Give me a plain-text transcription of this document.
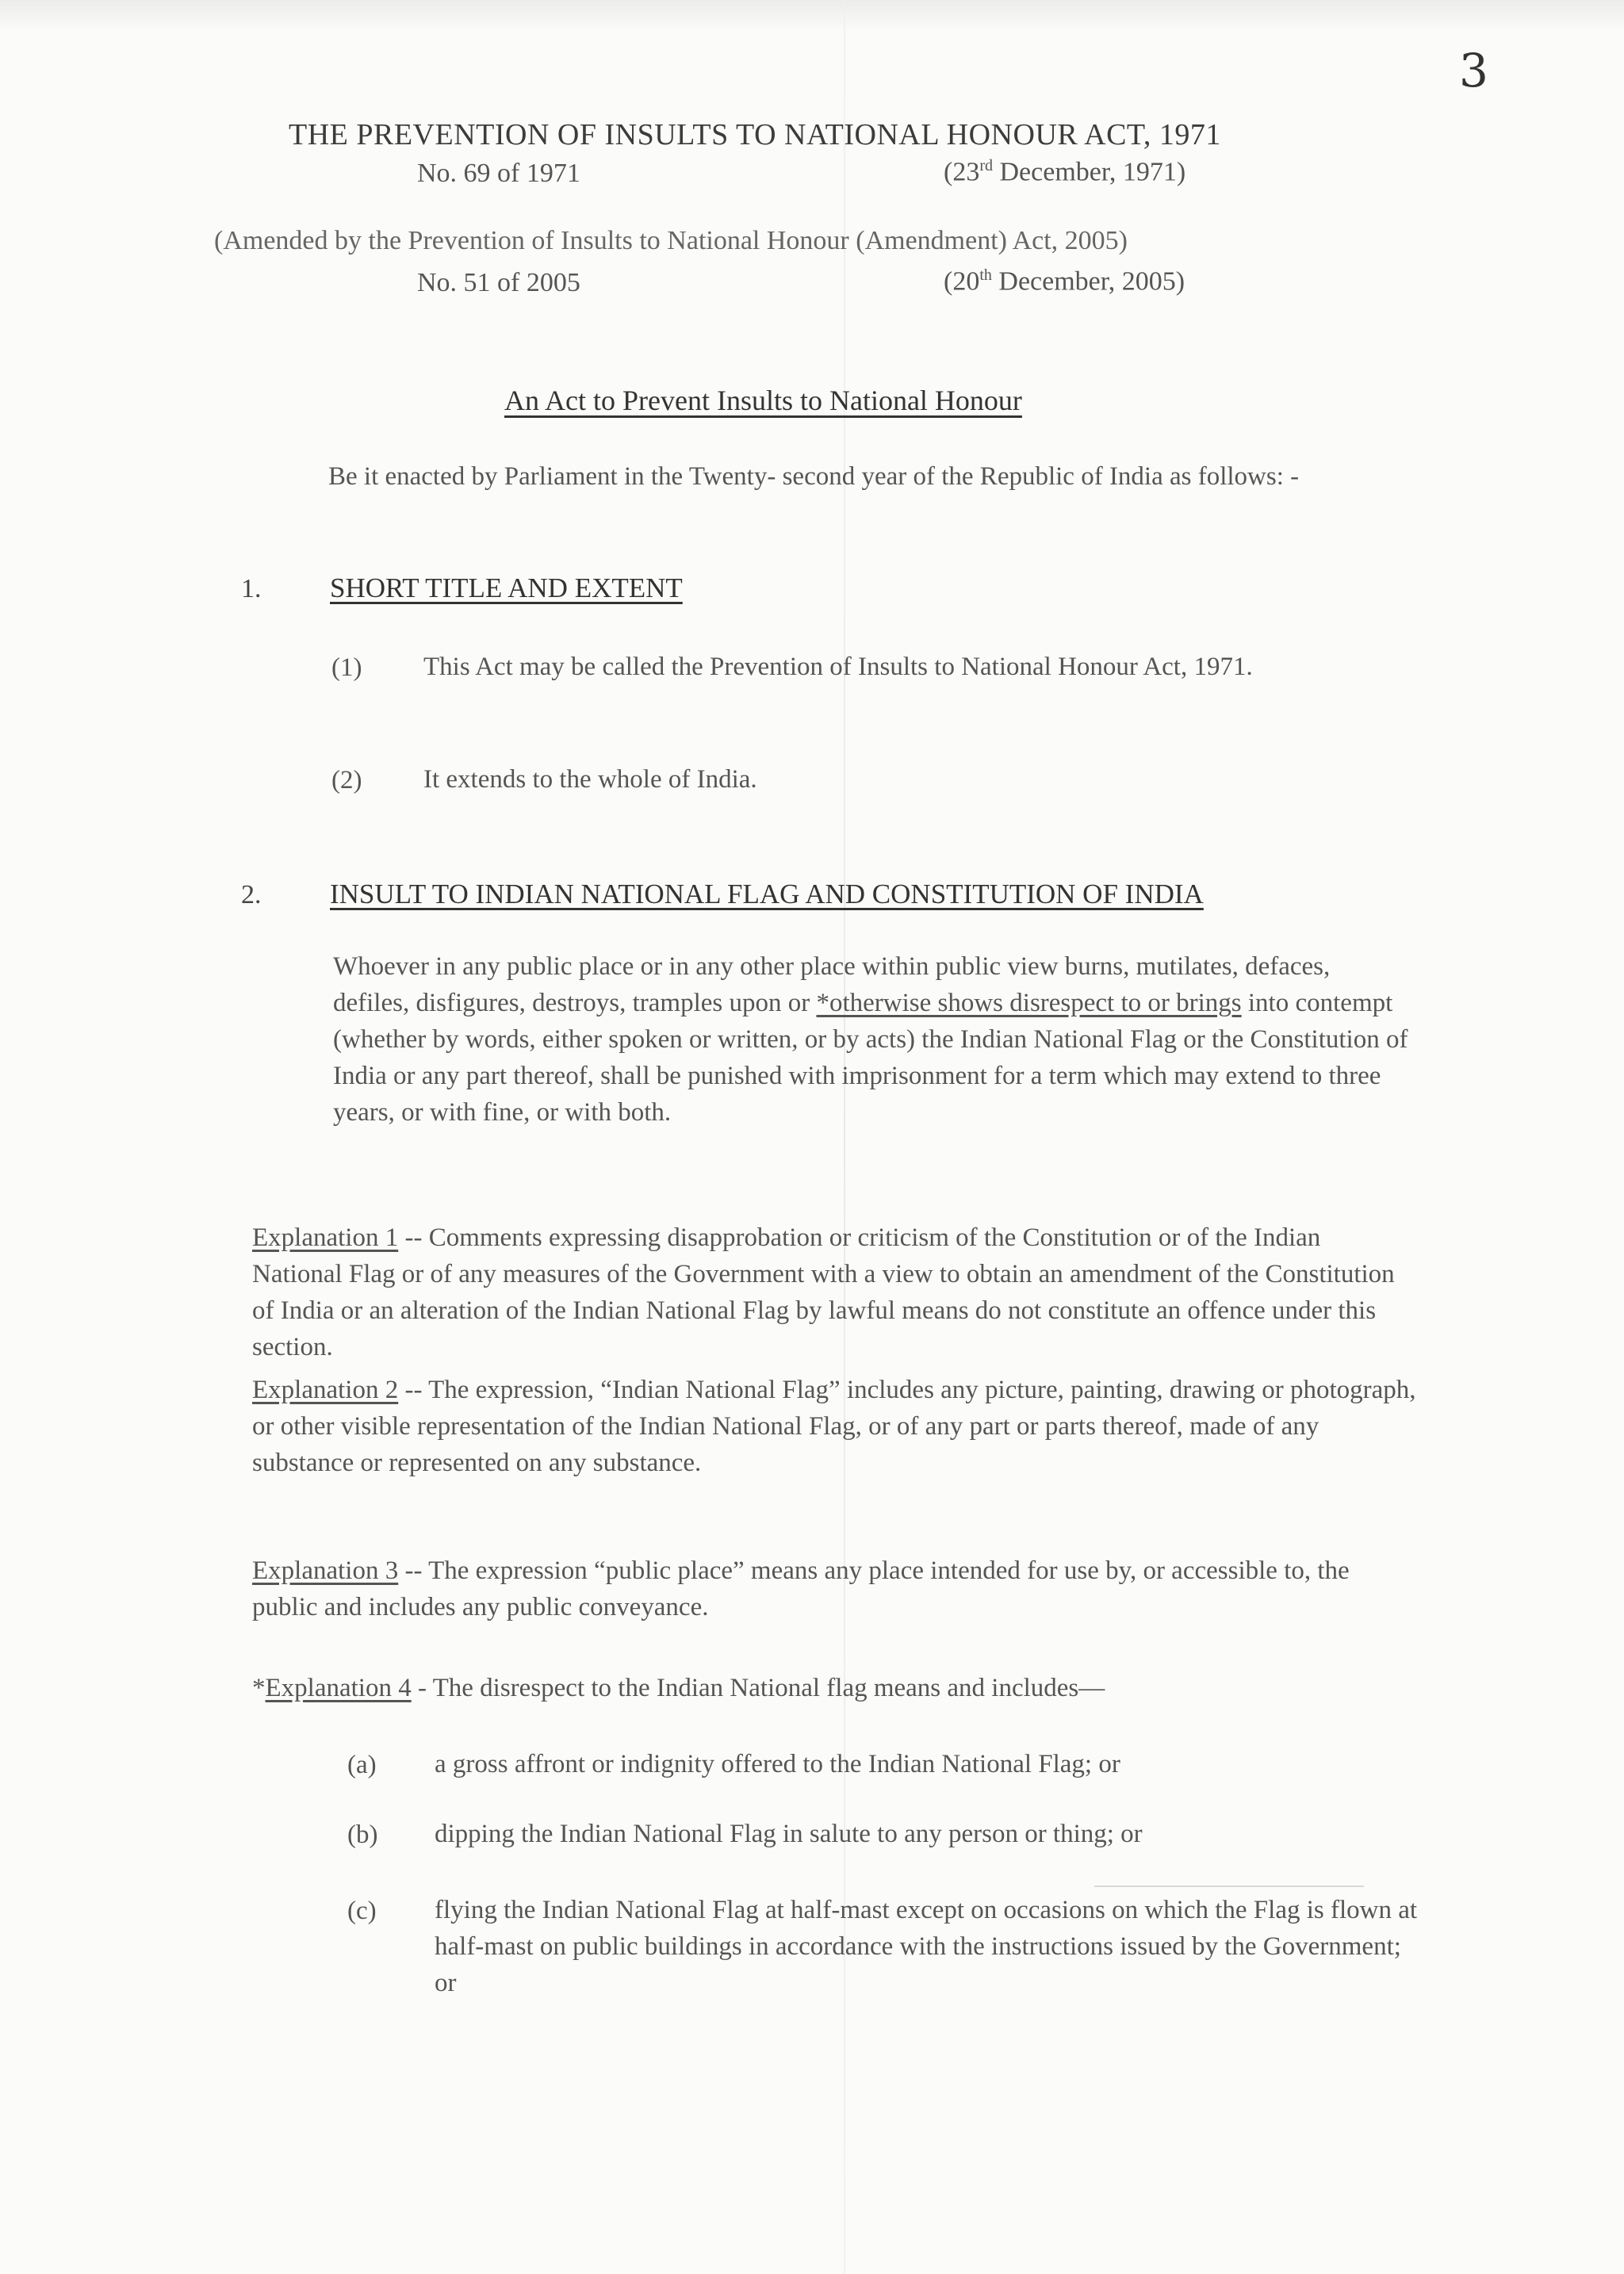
3
THE PREVENTION OF INSULTS TO NATIONAL HONOUR ACT, 1971
No. 69 of 1971	(23rd December, 1971)
(Amended by the Prevention of Insults to National Honour (Amendment) Act, 2005)
No. 51 of 2005	(20th December, 2005)
An Act to Prevent Insults to National Honour
Be it enacted by Parliament in the Twenty- second year of the Republic of India as follows: -
1. SHORT TITLE AND EXTENT
(1) This Act may be called the Prevention of Insults to National Honour Act, 1971.
(2) It extends to the whole of India.
2. INSULT TO INDIAN NATIONAL FLAG AND CONSTITUTION OF INDIA
Whoever in any public place or in any other place within public view burns, mutilates, defaces, defiles, disfigures, destroys, tramples upon or *otherwise shows disrespect to or brings into contempt (whether by words, either spoken or written, or by acts) the Indian National Flag or the Constitution of India or any part thereof, shall be punished with imprisonment for a term which may extend to three years, or with fine, or with both.
Explanation 1 -- Comments expressing disapprobation or criticism of the Constitution or of the Indian National Flag or of any measures of the Government with a view to obtain an amendment of the Constitution of India or an alteration of the Indian National Flag by lawful means do not constitute an offence under this section.
Explanation 2 -- The expression, “Indian National Flag” includes any picture, painting, drawing or photograph, or other visible representation of the Indian National Flag, or of any part or parts thereof, made of any substance or represented on any substance.
Explanation 3 -- The expression “public place” means any place intended for use by, or accessible to, the public and includes any public conveyance.
*Explanation 4 - The disrespect to the Indian National flag means and includes—
(a) a gross affront or indignity offered to the Indian National Flag; or
(b) dipping the Indian National Flag in salute to any person or thing; or
(c) flying the Indian National Flag at half-mast except on occasions on which the Flag is flown at half-mast on public buildings in accordance with the instructions issued by the Government; or
